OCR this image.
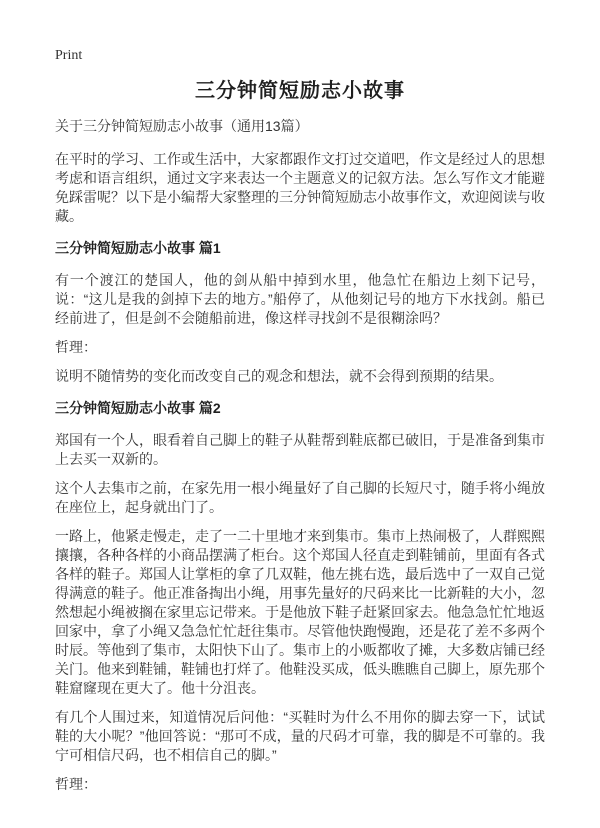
Print
三分钟简短励志小故事

关于三分钟简短励志小故事（通用13篇）

在平时的学习、工作或生活中，大家都跟作文打过交道吧，作文是经过人的思想考虑和语言组织，通过文字来表达一个主题意义的记叙方法。怎么写作文才能避免踩雷呢？以下是小编帮大家整理的三分钟简短励志小故事作文，欢迎阅读与收藏。

三分钟简短励志小故事 篇1

有一个渡江的楚国人，他的剑从船中掉到水里，他急忙在船边上刻下记号，说：“这儿是我的剑掉下去的地方。”船停了，从他刻记号的地方下水找剑。船已经前进了，但是剑不会随船前进，像这样寻找剑不是很糊涂吗？

哲理：

说明不随情势的变化而改变自己的观念和想法，就不会得到预期的结果。

三分钟简短励志小故事 篇2

郑国有一个人，眼看着自己脚上的鞋子从鞋帮到鞋底都已破旧，于是准备到集市上去买一双新的。

这个人去集市之前，在家先用一根小绳量好了自己脚的长短尺寸，随手将小绳放在座位上，起身就出门了。

一路上，他紧走慢走，走了一二十里地才来到集市。集市上热闹极了，人群熙熙攘攘，各种各样的小商品摆满了柜台。这个郑国人径直走到鞋铺前，里面有各式各样的鞋子。郑国人让掌柜的拿了几双鞋，他左挑右选，最后选中了一双自己觉得满意的鞋子。他正准备掏出小绳，用事先量好的尺码来比一比新鞋的大小，忽然想起小绳被搁在家里忘记带来。于是他放下鞋子赶紧回家去。他急急忙忙地返回家中，拿了小绳又急急忙忙赶往集市。尽管他快跑慢跑，还是花了差不多两个时辰。等他到了集市，太阳快下山了。集市上的小贩都收了摊，大多数店铺已经关门。他来到鞋铺，鞋铺也打烊了。他鞋没买成，低头瞧瞧自己脚上，原先那个鞋窟窿现在更大了。他十分沮丧。

有几个人围过来，知道情况后问他：“买鞋时为什么不用你的脚去穿一下，试试鞋的大小呢？”他回答说：“那可不成，量的尺码才可靠，我的脚是不可靠的。我宁可相信尺码，也不相信自己的脚。”

哲理：
